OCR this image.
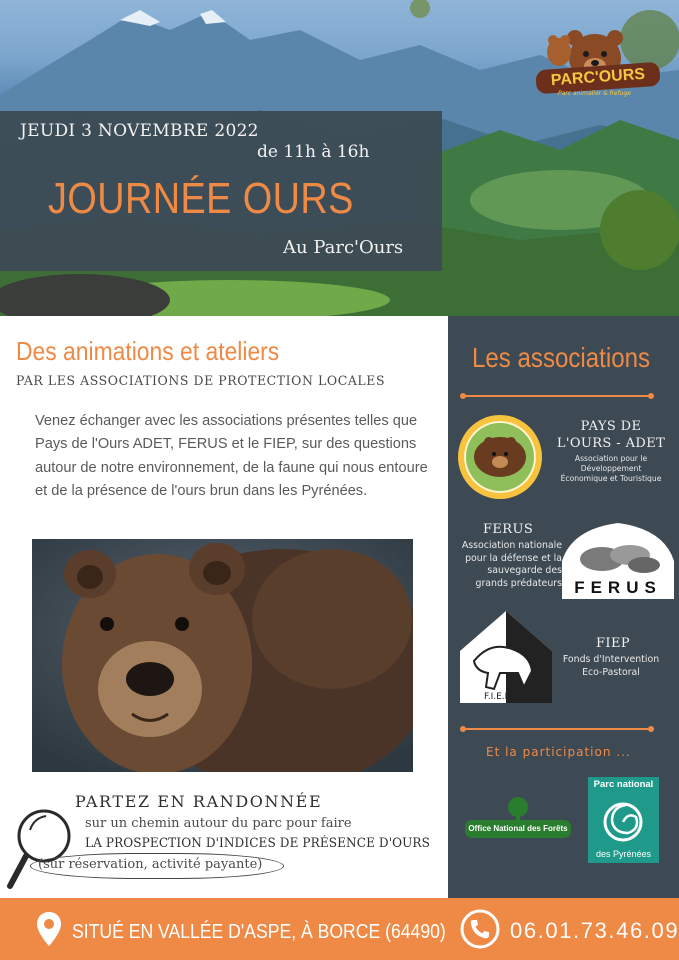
PARC'OURS
Parc animalier & Refuge
JEUDI 3 NOVEMBRE 2022
de 11h à 16h
JOURNÉE OURS
Au Parc'Ours
Des animations et ateliers
PAR LES ASSOCIATIONS DE PROTECTION LOCALES

Venez échanger avec les associations présentes telles que Pays de l'Ours ADET, FERUS et le FIEP, sur des questions autour de notre environnement, de la faune qui nous entoure et de la présence de l'ours brun dans les Pyrénées.

PARTEZ EN RANDONNÉE
sur un chemin autour du parc pour faire
LA PROSPECTION D'INDICES DE PRÉSENCE D'OURS
(sur réservation, activité payante)
Les associations
PAYS DE
L'OURS - ADET
Association pour le
Développement
Économique et Touristique
FERUS
Association nationale
pour la défense et la
sauvegarde des
grands prédateurs FERUS
F.I.E.P.
FIEP
Fonds d'Intervention
Eco-Pastoral
Et la participation ...
Office National des Forêts
Parc national
des Pyrénées
SITUÉ EN VALLÉE D'ASPE, À BORCE (64490)	06.01.73.46.09
